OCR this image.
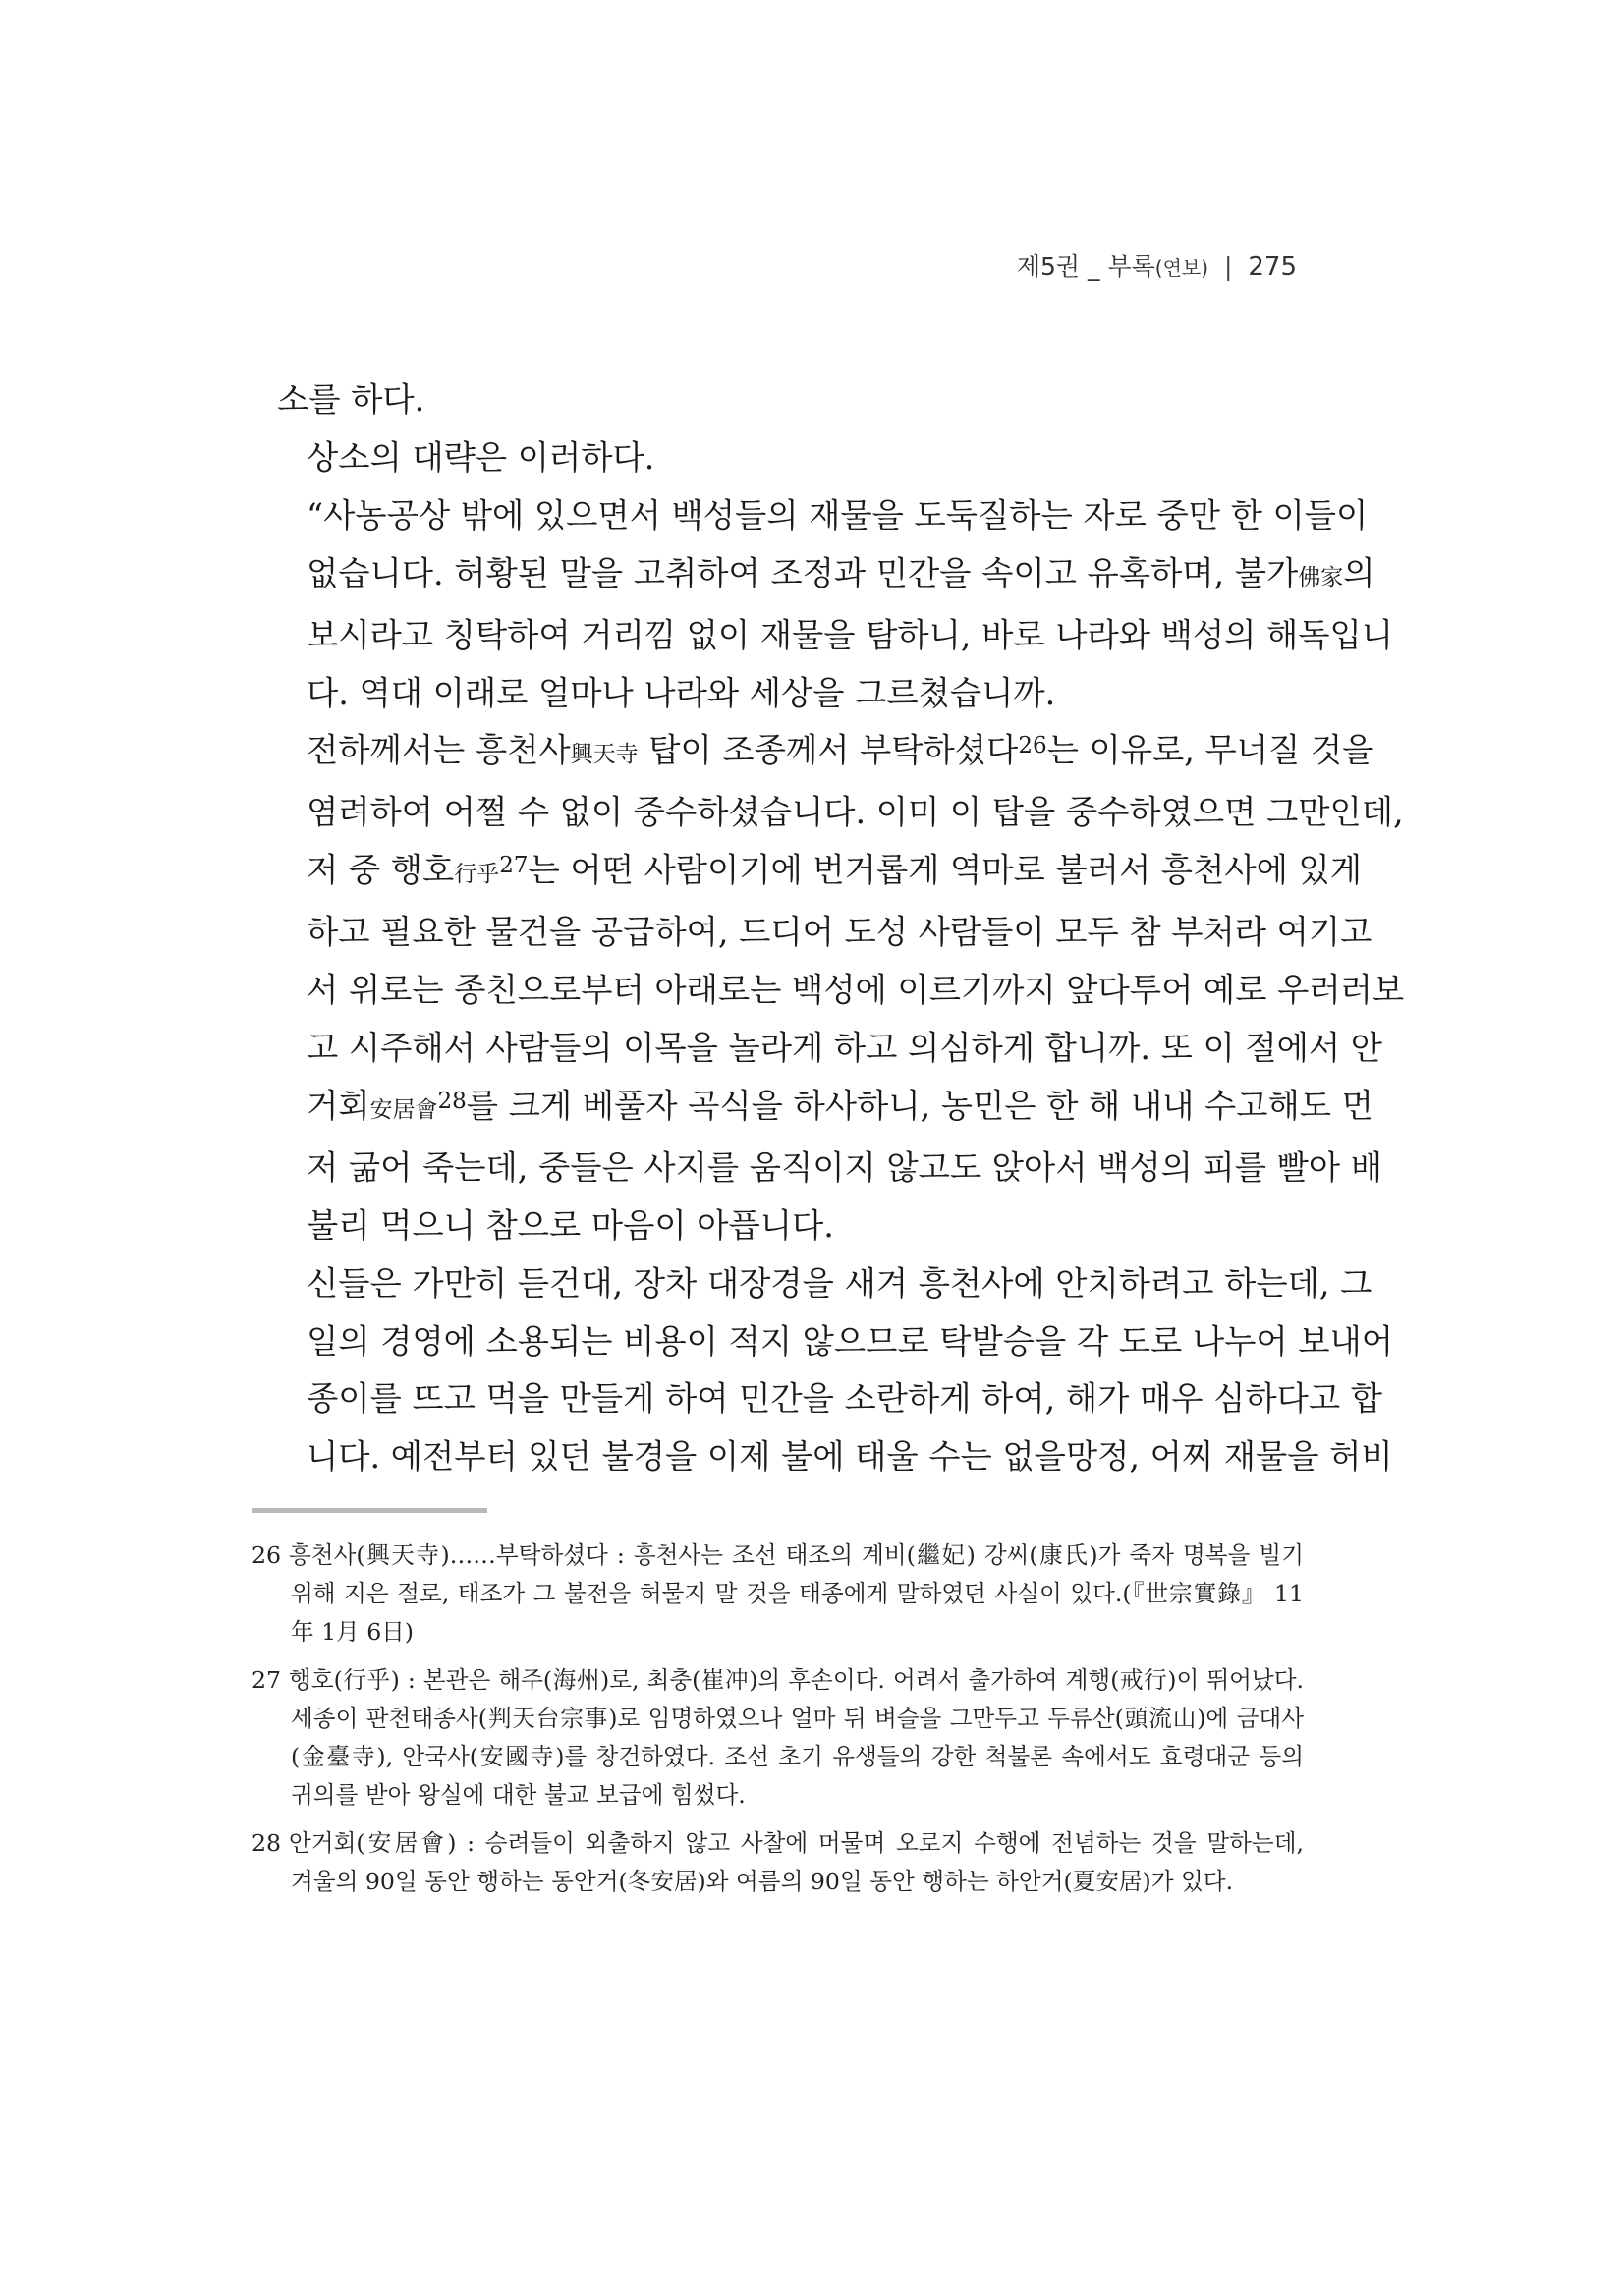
제5권 _ 부록(연보) | 275
소를 하다.
상소의 대략은 이러하다.
“사농공상 밖에 있으면서 백성들의 재물을 도둑질하는 자로 중만 한 이들이
없습니다. 허황된 말을 고취하여 조정과 민간을 속이고 유혹하며, 불가佛家의
보시라고 칭탁하여 거리낌 없이 재물을 탐하니, 바로 나라와 백성의 해독입니
다. 역대 이래로 얼마나 나라와 세상을 그르쳤습니까.
전하께서는 흥천사興天寺 탑이 조종께서 부탁하셨다$^{26}$는 이유로, 무너질 것을
염려하여 어쩔 수 없이 중수하셨습니다. 이미 이 탑을 중수하였으면 그만인데,
저 중 행호行乎$^{27}$는 어떤 사람이기에 번거롭게 역마로 불러서 흥천사에 있게
하고 필요한 물건을 공급하여, 드디어 도성 사람들이 모두 참 부처라 여기고
서 위로는 종친으로부터 아래로는 백성에 이르기까지 앞다투어 예로 우러러보
고 시주해서 사람들의 이목을 놀라게 하고 의심하게 합니까. 또 이 절에서 안
거회安居會$^{28}$를 크게 베풀자 곡식을 하사하니, 농민은 한 해 내내 수고해도 먼
저 굶어 죽는데, 중들은 사지를 움직이지 않고도 앉아서 백성의 피를 빨아 배
불리 먹으니 참으로 마음이 아픕니다.
신들은 가만히 듣건대, 장차 대장경을 새겨 흥천사에 안치하려고 하는데, 그
일의 경영에 소용되는 비용이 적지 않으므로 탁발승을 각 도로 나누어 보내어
종이를 뜨고 먹을 만들게 하여 민간을 소란하게 하여, 해가 매우 심하다고 합
니다. 예전부터 있던 불경을 이제 불에 태울 수는 없을망정, 어찌 재물을 허비
26 흥천사(興天寺)……부탁하셨다 : 흥천사는 조선 태조의 계비(繼妃) 강씨(康氏)가 죽자 명복을 빌기
위해 지은 절로, 태조가 그 불전을 허물지 말 것을 태종에게 말하였던 사실이 있다.(『世宗實錄』 11
年 1月 6日)
27 행호(行乎) : 본관은 해주(海州)로, 최충(崔冲)의 후손이다. 어려서 출가하여 계행(戒行)이 뛰어났다.
세종이 판천태종사(判天台宗事)로 임명하였으나 얼마 뒤 벼슬을 그만두고 두류산(頭流山)에 금대사
(金臺寺), 안국사(安國寺)를 창건하였다. 조선 초기 유생들의 강한 척불론 속에서도 효령대군 등의
귀의를 받아 왕실에 대한 불교 보급에 힘썼다.
28 안거회(安居會) : 승려들이 외출하지 않고 사찰에 머물며 오로지 수행에 전념하는 것을 말하는데,
겨울의 90일 동안 행하는 동안거(冬安居)와 여름의 90일 동안 행하는 하안거(夏安居)가 있다.
